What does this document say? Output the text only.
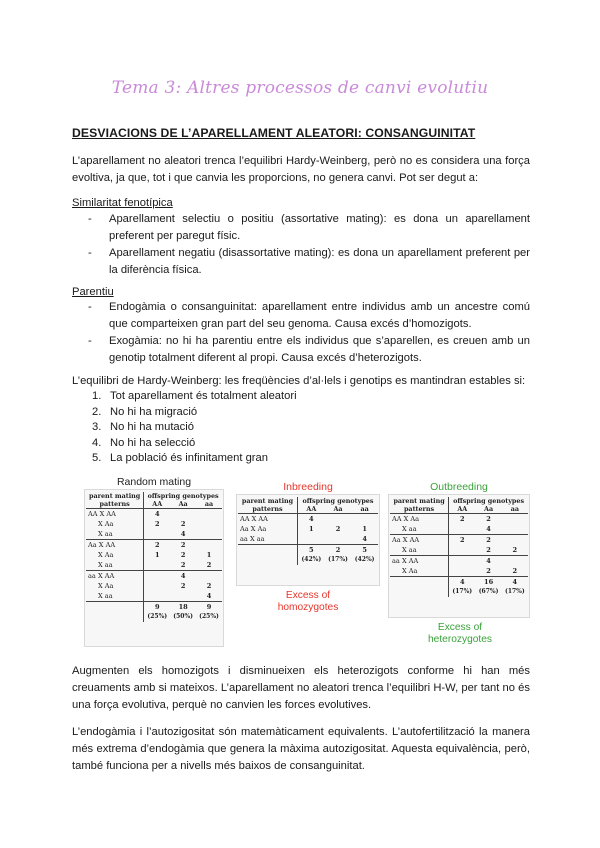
Tema 3: Altres processos de canvi evolutiu
DESVIACIONS DE L’APARELLAMENT ALEATORI: CONSANGUINITAT
L’aparellament no aleatori trenca l’equilibri Hardy-Weinberg, però no es considera una força evoltiva, ja que, tot i que canvia les proporcions, no genera canvi. Pot ser degut a:
Similaritat fenotípica
- Aparellament selectiu o positiu (assortative mating): es dona un aparellament preferent per paregut físic.
- Aparellament negatiu (disassortative mating): es dona un aparellament preferent per la diferència física.
Parentiu
- Endogàmia o consanguinitat: aparellament entre individus amb un ancestre comú que comparteixen gran part del seu genoma. Causa excés d’homozigots.
- Exogàmia: no hi ha parentiu entre els individus que s’aparellen, es creuen amb un genotip totalment diferent al propi. Causa excés d’heterozigots.
L’equilibri de Hardy-Weinberg: les freqüències d’al·lels i genotips es mantindran estables si:
1. Tot aparellament és totalment aleatori
2. No hi ha migració
3. No hi ha mutació
4. No hi ha selecció
5. La població és infinitament gran
Random mating
parent mating	offspring genotypes		
patterns	AA	Aa	aa
AA X AA	4		
X Aa	2	2	
X aa		4	
Aa X AA	2	2	
X Aa	1	2	1
X aa		2	2
aa X AA		4	
X Aa		2	2
X aa			4
	9	18	9
	(25%)	(50%)	(25%)
Inbreeding
parent mating	offspring genotypes		
patterns	AA	Aa	aa
AA X AA	4		
Aa X Aa	1	2	1
aa X aa			4
	5	2	5
	(42%)	(17%)	(42%)
Excess of homozygotes
Outbreeding
parent mating	offspring genotypes		
patterns	AA	Aa	aa
AA X Aa	2	2	
X aa		4	
Aa X AA	2	2	
X aa		2	2
aa X AA		4	
X Aa		2	2
	4	16	4
	(17%)	(67%)	(17%)
Excess of heterozygotes
Augmenten els homozigots i disminueixen els heterozigots conforme hi han més creuaments amb si mateixos. L’aparellament no aleatori trenca l’equilibri H-W, per tant no és una força evolutiva, perquè no canvien les forces evolutives.
L’endogàmia i l’autozigositat són matemàticament equivalents. L’autofertilització la manera més extrema d’endogàmia que genera la màxima autozigositat. Aquesta equivalència, però, també funciona per a nivells més baixos de consanguinitat.
